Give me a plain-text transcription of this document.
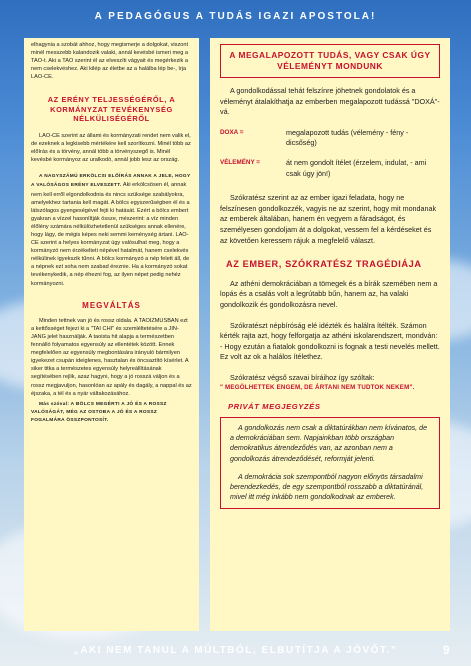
A PEDAGÓGUS A TUDÁS IGAZI APOSTOLA!

elhagynia a szobát ahhoz, hogy megismerje a dolgokat, viszont minél messzebb kalandozik valaki, annál kevésbé ismeri meg a TAO-t. Aki a TAO szerint él az elveszíti vágyait és megérkezik a nem cselekvéshez. Aki kilép az életbe az a halálba lép be-, írja LAO-CE.

AZ ERÉNY TELJESSÉGÉRŐL, A KORMÁNYZAT TEVÉKENYSÉG NÉLKÜLISÉGÉRŐL

LAO-CE szerint az állami és kormányzati rendet nem valik el, de ezeknek a legkisebb mértékére kell szorítkozni. Minél több az előírás és a törvény, annál több a törvényszegő is. Minél kevésbé kormányoz az uralkodó, annál jobb lesz az ország.

A NAGYSZÁMÚ ERKÖLCSI ELŐÍRÁS ANNAK A JELE, HOGY A VALÓSÁGOS ERÉNY ELVESZETT. Aki erkölcsösen él, annak nem kell erről elgondolkodnia és nincs szüksége szabályokra, amelyekhez tartania kell magát. A bölcs egyszerűségben él és a látszólagos gyengeségével fejti ki hatását. Ezért a bölcs embert gyakran a vízzel hasonlítják össze, mészerint: a víz minden élőlény számára nélkülözhetetlenül szükséges annak ellenére, hogy lágy, de mégis képes neki semmi keménység ártani. LAO-CE szerint a helyes kormányzat úgy valósulhat meg, hogy a kormányzó nem érzékelteti népével hatalmát, hanem cselekvés nélkülinek igyekszik tűnni. A bölcs kormányzó a nép felett áll, de a népnek ezt soha nem szabad éreznie. Ha a kormányzó sokat tevékenykedik, a nép éhezni fog, az ilyen népet pedig nehéz kormányozni.

MEGVÁLTÁS

Minden tettnek van jó és rossz oldala. A TAOIZMUSBAN ezt a kettősséget fejezi ki a "TAI CHI" és szemléltetésére a JIN-JANG jelet használják. A taoista hit alapja a természetben fennálló folyamatos egyensúly az ellentétek között. Ennek megfelelően az egyensúly megbontására irányuló bármilyen igyekezet csupán ideiglenes, hasztalan és öncsaztító kísérlet. A siker titka a természetes egyensúly helyreállításának segítésében rejlik, azaz hagyni, hogy a jó rosszá váljon és a rossz megjavuljon, hasonlóan az apály és dagály, a nappal és az éjszaka, a tél és a nyár váltakozásához.

Más szóval: A BÖLCS MEGÉRTI A JÓ ÉS A ROSSZ VALÓSÁGÁT, MÉG AZ OSTOBA A JÓ ÉS A ROSSZ FOGALMÁRA ÖSSZPONTOSÍT.

A MEGALAPOZOTT TUDÁS, VAGY CSAK ÚGY VÉLEMÉNYT MONDUNK

A gondolkodással tehát felszínre jöhetnek gondolatok és a véleményt átalakíthatja az emberben megalapozott tudássá "DOXÁ"-vá.

DOXA =	megalapozott tudás (vélemény - fény - dicsőség)
VÉLEMÉNY =	át nem gondolt ítélet (érzelem, indulat, - ami csak úgy jön!)

Szókratész szerint az az ember igazi feladata, hogy ne felszínesen gondolkozzék, vagyis ne az szerint, hogy mit mondanak az emberek általában, hanem én vegyem a fáradságot, és személyesen gondoljam át a dolgokat, vessem fel a kérdéseket és az követően keressem rájuk a megfelelő választ.

AZ EMBER, SZÓKRATÉSZ TRAGÉDIÁJA

Az athéni demokráciában a tömegek és a bírák szemében nem a lopás és a csalás volt a legrútabb bűn, hanem az, ha valaki gondolkozik és gondolkozásra nevel.

Szókratészt népbíróság elé idézték és halálra ítélték. Számon kérték rajta azt, hogy felforgatja az athéni iskolarendszert, mondván: - Hogy ezután a fiatalok gondolkozni is fognak a testi nevelés mellett. Ez volt az ok a halálos ítélethez.

Szókratész végső szavai bíráihoz így szóltak:

" MEGÖLHETTEK ENGEM, DE ÁRTANI NEM TUDTOK NEKEM".

PRIVÁT MEGJEGYZÉS

A gondolkozás nem csak a diktatúrákban nem kívánatos, de a demokráciában sem. Napjainkban több országban demokratikus átrendeződés van, az azonban nem a gondolkozás átrendeződését, reformját jelenti.

A demokrácia sok szempontból nagyon előnyös társadalmi berendezkedés, de egy szempontból rosszabb a diktatúránál, mivel itt még inkább nem gondolkodnak az emberek.

„AKI NEM TANUL A MÚLTBÓL, ELBUTÍTJA A JÖVŐT.”	9
